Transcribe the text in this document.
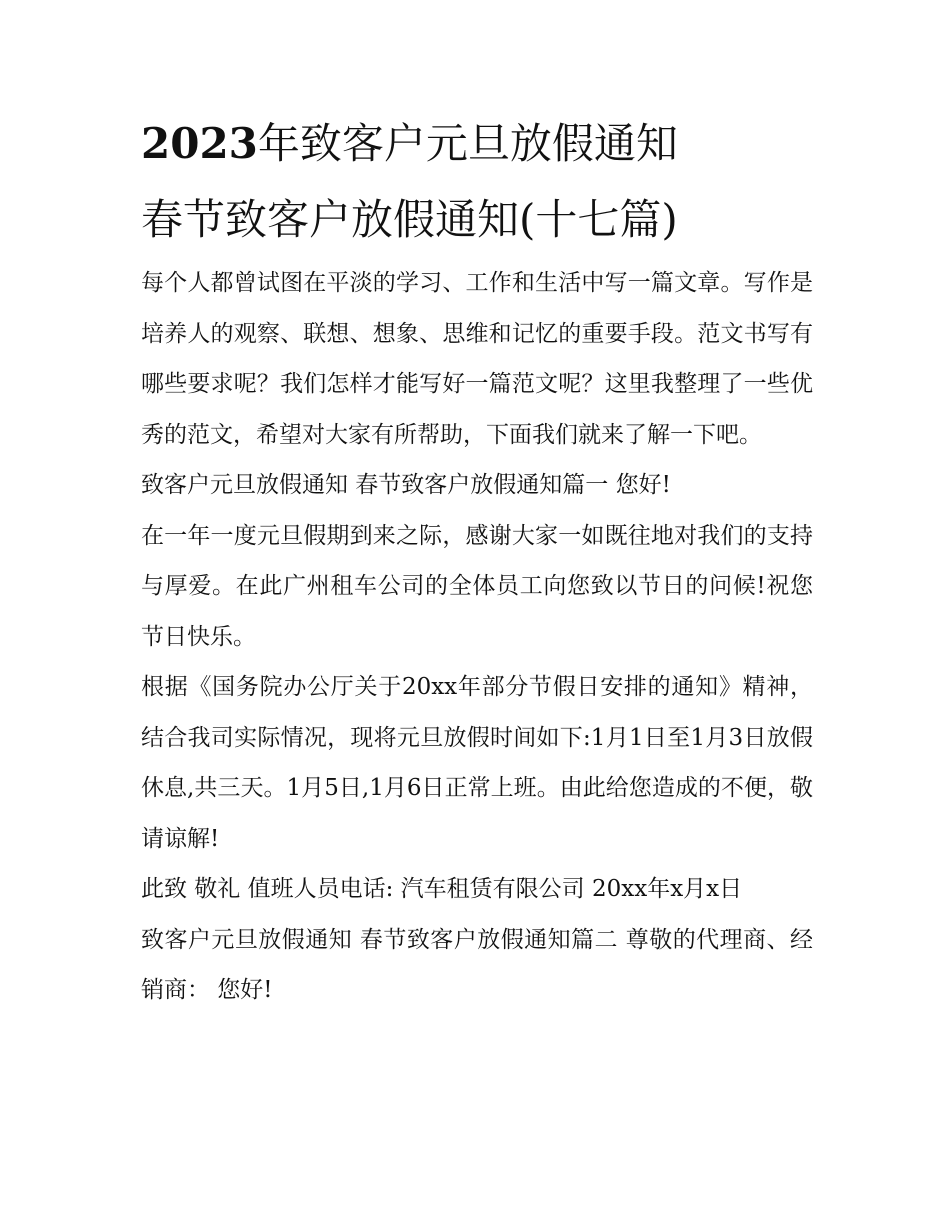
2023年致客户元旦放假通知
春节致客户放假通知(十七篇)

每个人都曾试图在平淡的学习、工作和生活中写一篇文章。写作是培养人的观察、联想、想象、思维和记忆的重要手段。范文书写有哪些要求呢？我们怎样才能写好一篇范文呢？这里我整理了一些优秀的范文，希望对大家有所帮助，下面我们就来了解一下吧。

致客户元旦放假通知 春节致客户放假通知篇一 您好!

在一年一度元旦假期到来之际，感谢大家一如既往地对我们的支持与厚爱。在此广州租车公司的全体员工向您致以节日的问候!祝您节日快乐。

根据《国务院办公厅关于20xx年部分节假日安排的通知》精神，结合我司实际情况，现将元旦放假时间如下:1月1日至1月3日放假休息,共三天。1月5日,1月6日正常上班。由此给您造成的不便，敬请谅解!

此致 敬礼 值班人员电话: 汽车租赁有限公司 20xx年x月x日

致客户元旦放假通知 春节致客户放假通知篇二 尊敬的代理商、经销商： 您好!
